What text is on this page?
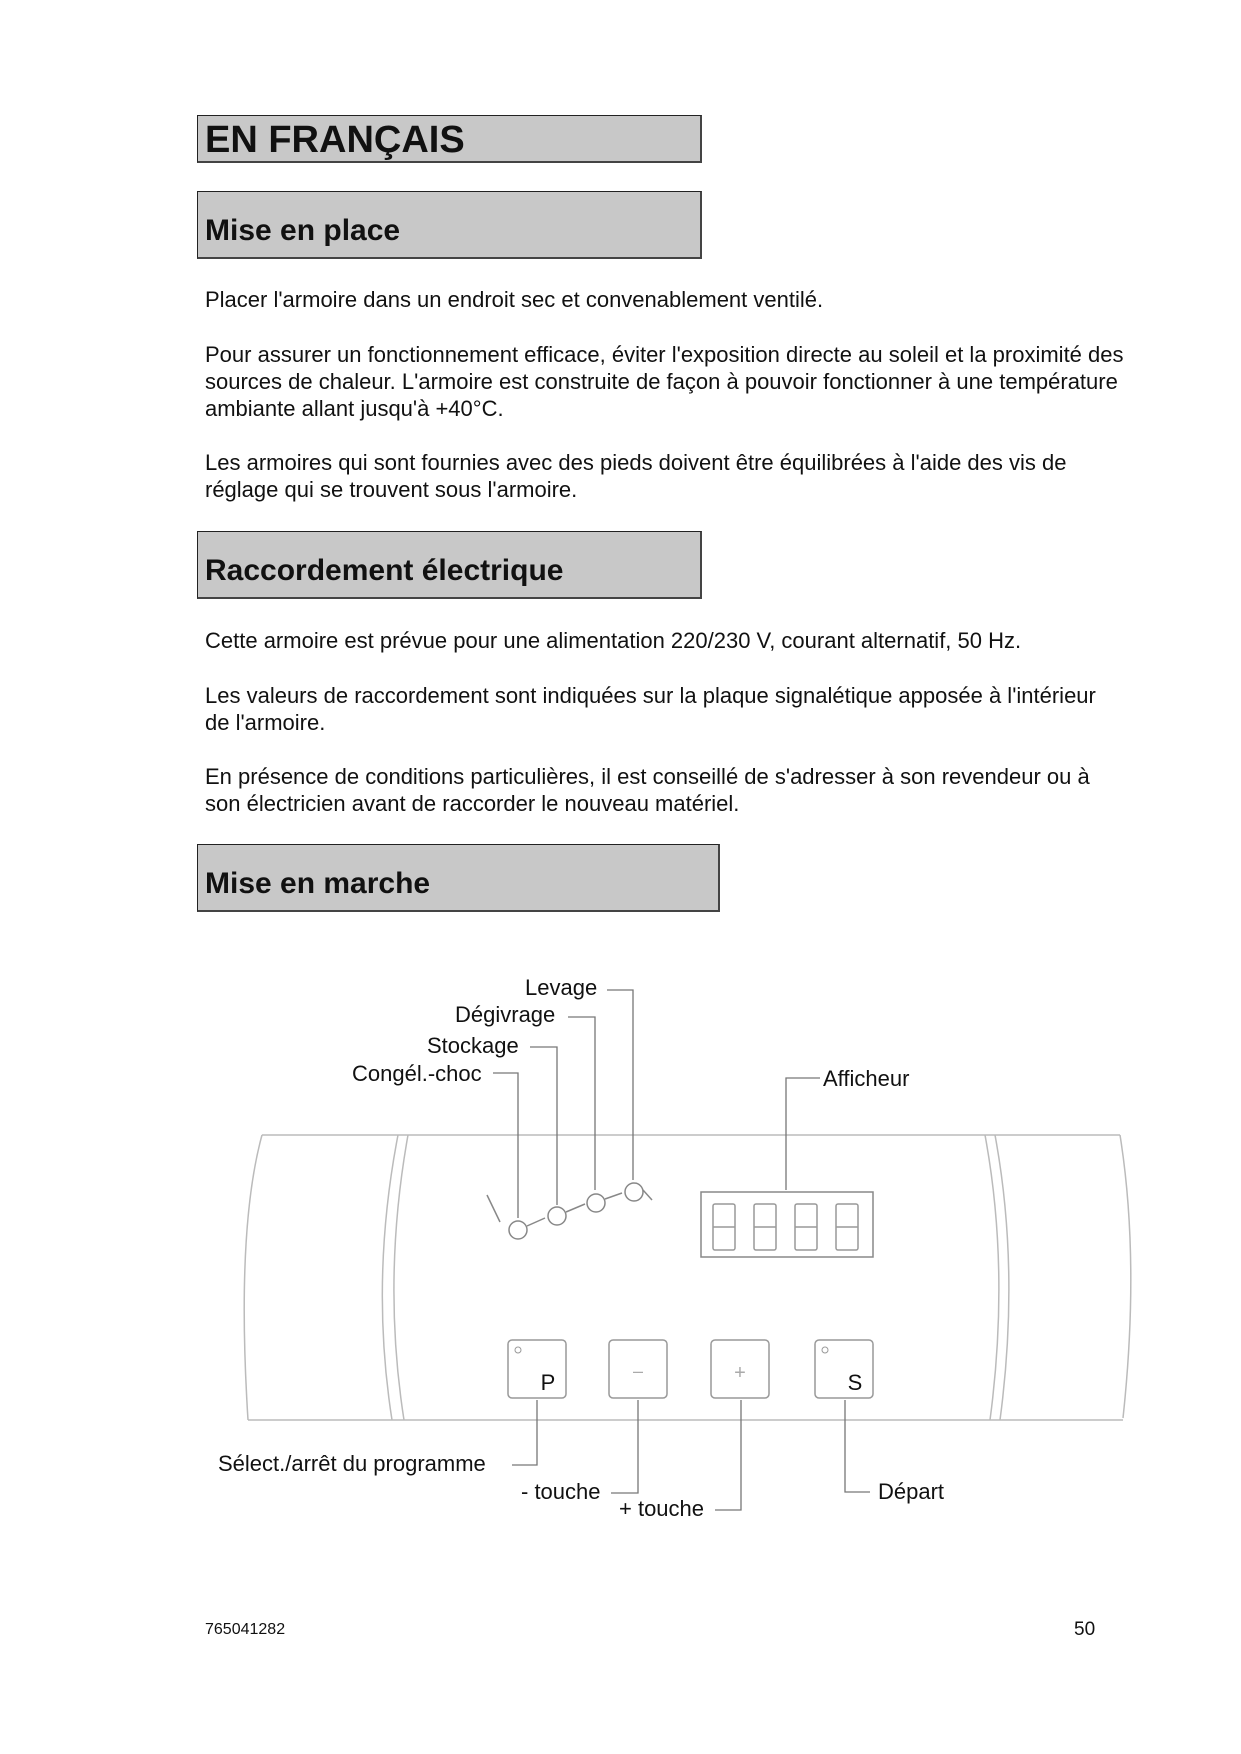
EN FRANÇAIS
Mise en place

Placer l'armoire dans un endroit sec et convenablement ventilé.

Pour assurer un fonctionnement efficace, éviter l'exposition directe au soleil et la proximité des sources de chaleur. L'armoire est construite de façon à pouvoir fonctionner à une température ambiante allant jusqu'à +40°C.

Les armoires qui sont fournies avec des pieds doivent être équilibrées à l'aide des vis de réglage qui se trouvent sous l'armoire.

Raccordement électrique

Cette armoire est prévue pour une alimentation 220/230 V, courant alternatif, 50 Hz.

Les valeurs de raccordement sont indiquées sur la plaque signalétique apposée à l'intérieur de l'armoire.

En présence de conditions particulières, il est conseillé de s'adresser à son revendeur ou à son électricien avant de raccorder le nouveau matériel.

Mise en marche
P	–	+	S
Levage
Dégivrage
Stockage
Congél.-choc	Afficheur
Sélect./arrêt du programme
- touche
+ touche
Départ
765041282	50
